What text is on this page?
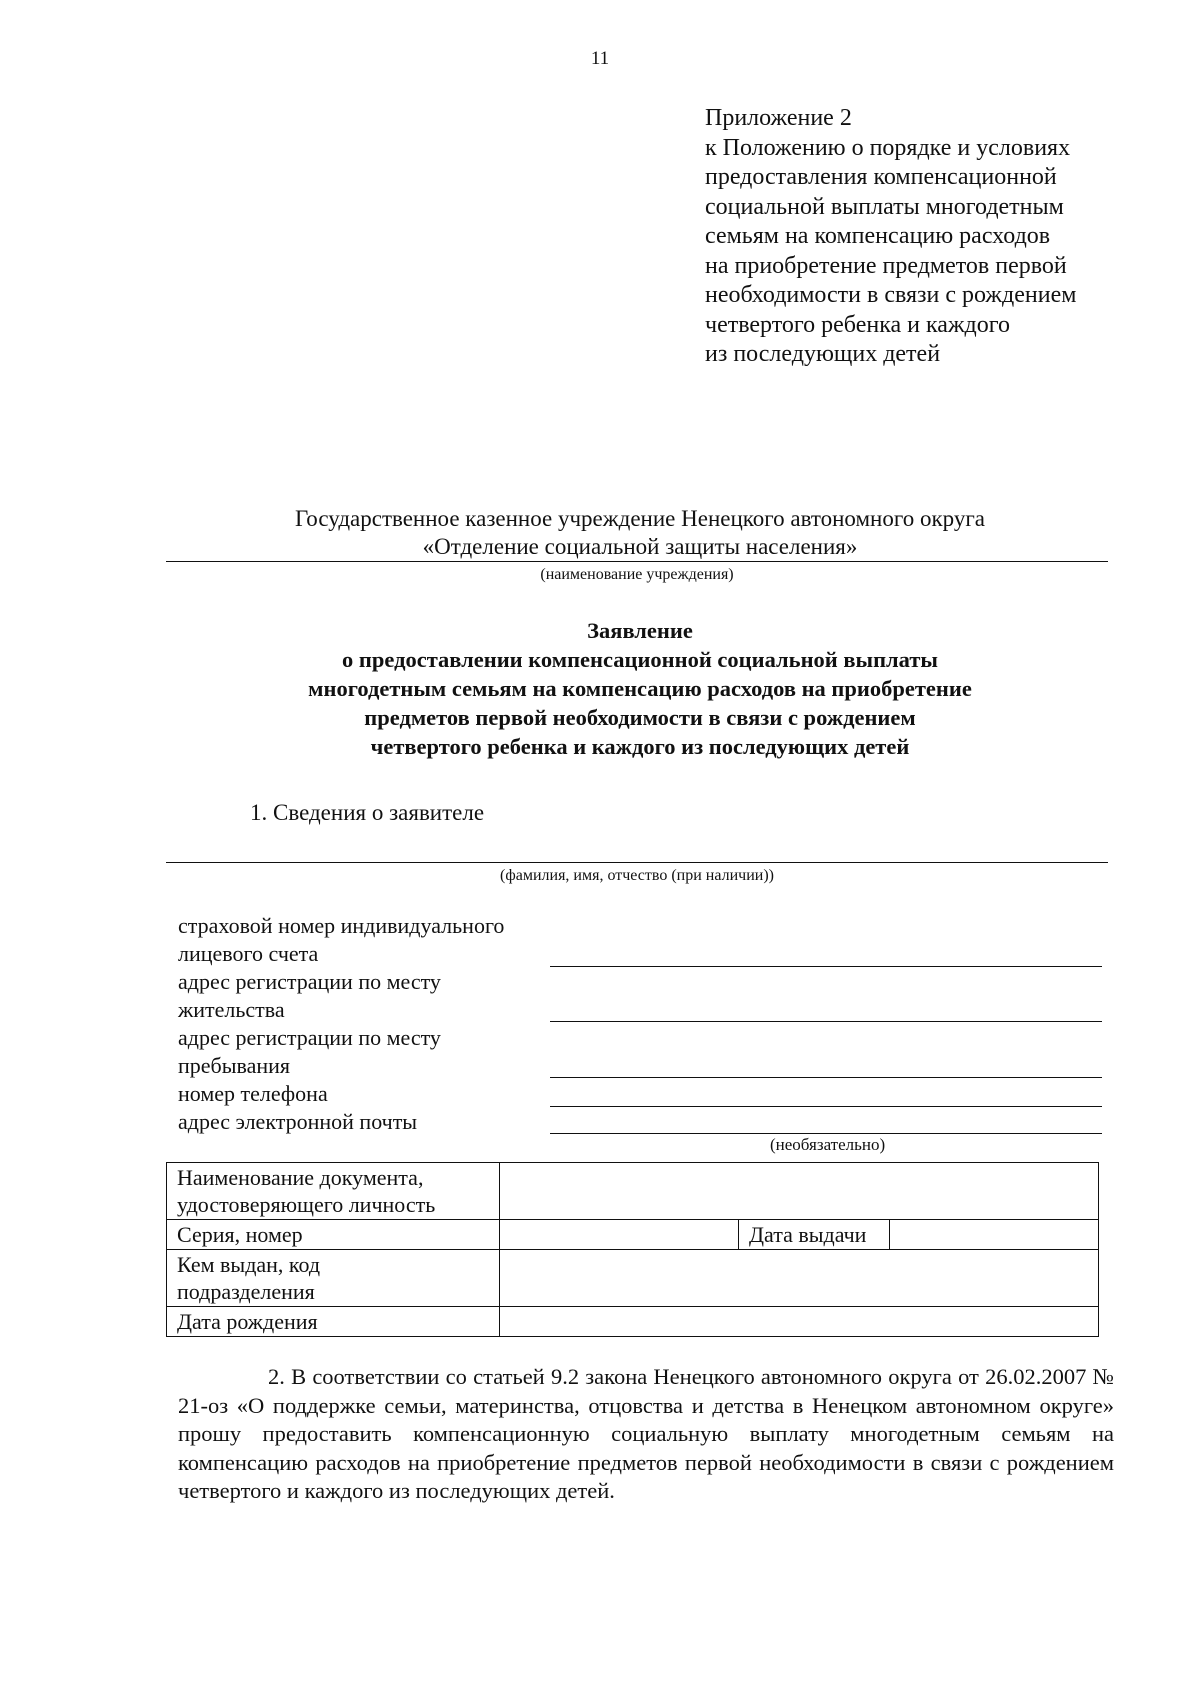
11
Приложение 2
к Положению о порядке и условиях
предоставления компенсационной
социальной выплаты многодетным
семьям на компенсацию расходов
на приобретение предметов первой
необходимости в связи с рождением
четвертого ребенка и каждого
из последующих детей
Государственное казенное учреждение Ненецкого автономного округа
«Отделение социальной защиты населения»
(наименование учреждения)
Заявление
о предоставлении компенсационной социальной выплаты
многодетным семьям на компенсацию расходов на приобретение
предметов первой необходимости в связи с рождением
четвертого ребенка и каждого из последующих детей
1. Сведения о заявителе
(фамилия, имя, отчество (при наличии))
страховой номер индивидуального
лицевого счета
адрес регистрации по месту
жительства
адрес регистрации по месту
пребывания
номер телефона
адрес электронной почты
(необязательно)
Наименование документа,
удостоверяющего личность			

Серия, номер		Дата выдачи	

Кем выдан, код
подразделения			

Дата рождения			
2. В соответствии со статьей 9.2 закона Ненецкого автономного округа от 26.02.2007 № 21-оз «О поддержке семьи, материнства, отцовства и детства в Ненецком автономном округе» прошу предоставить компенсационную социальную выплату многодетным семьям на компенсацию расходов на приобретение предметов первой необходимости в связи с рождением четвертого и каждого из последующих детей.
